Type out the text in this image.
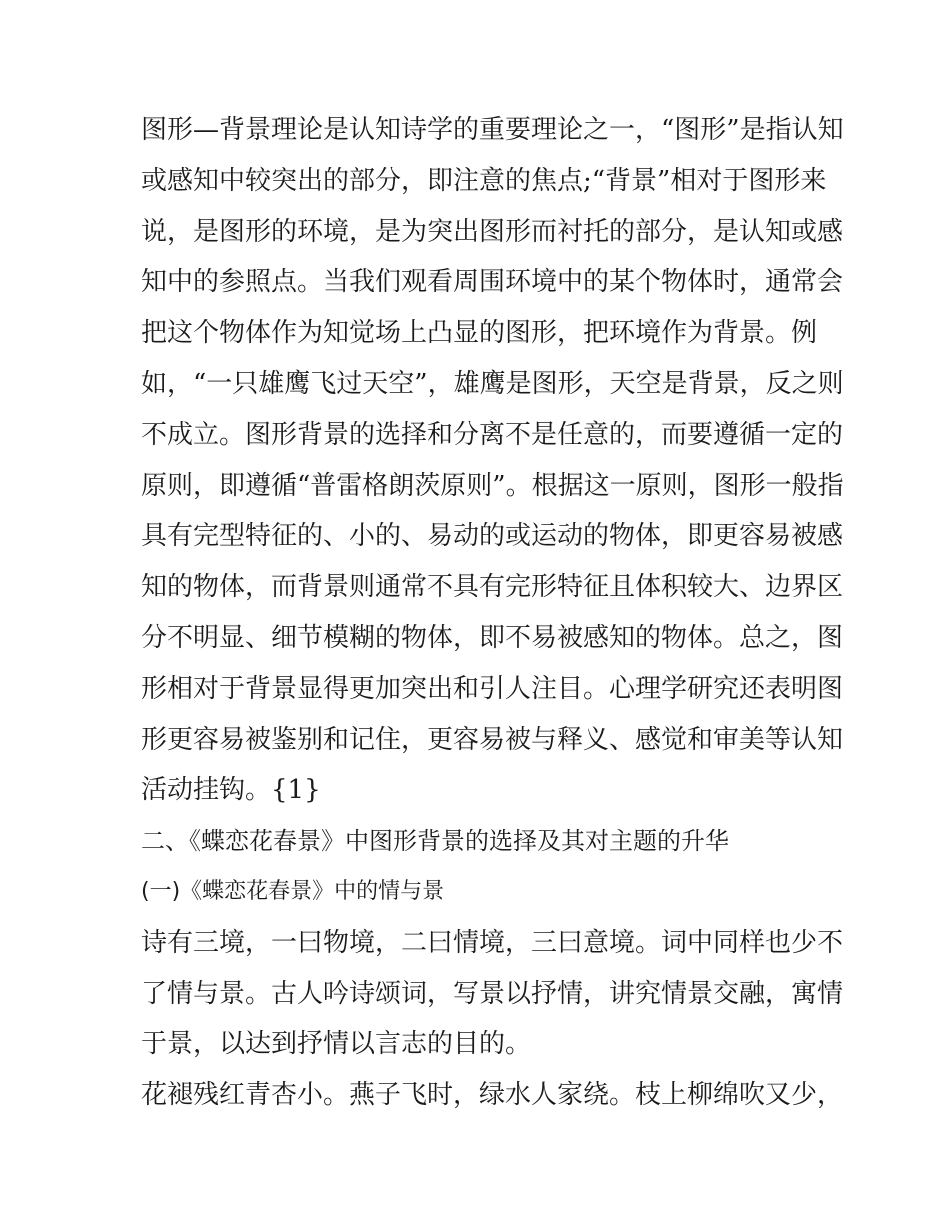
图形—背景理论是认知诗学的重要理论之一，“图形”是指认知
或感知中较突出的部分，即注意的焦点;“背景”相对于图形来
说，是图形的环境，是为突出图形而衬托的部分，是认知或感
知中的参照点。当我们观看周围环境中的某个物体时，通常会
把这个物体作为知觉场上凸显的图形，把环境作为背景。例
如，“一只雄鹰飞过天空”，雄鹰是图形，天空是背景，反之则
不成立。图形背景的选择和分离不是任意的，而要遵循一定的
原则，即遵循“普雷格朗茨原则”。根据这一原则，图形一般指
具有完型特征的、小的、易动的或运动的物体，即更容易被感
知的物体，而背景则通常不具有完形特征且体积较大、边界区
分不明显、细节模糊的物体，即不易被感知的物体。总之，图
形相对于背景显得更加突出和引人注目。心理学研究还表明图
形更容易被鉴别和记住，更容易被与释义、感觉和审美等认知
活动挂钩。{1}
二、《蝶恋花春景》中图形背景的选择及其对主题的升华
(一)《蝶恋花春景》中的情与景
诗有三境，一曰物境，二曰情境，三曰意境。词中同样也少不
了情与景。古人吟诗颂词，写景以抒情，讲究情景交融，寓情
于景，以达到抒情以言志的目的。
花褪残红青杏小。燕子飞时，绿水人家绕。枝上柳绵吹又少，
